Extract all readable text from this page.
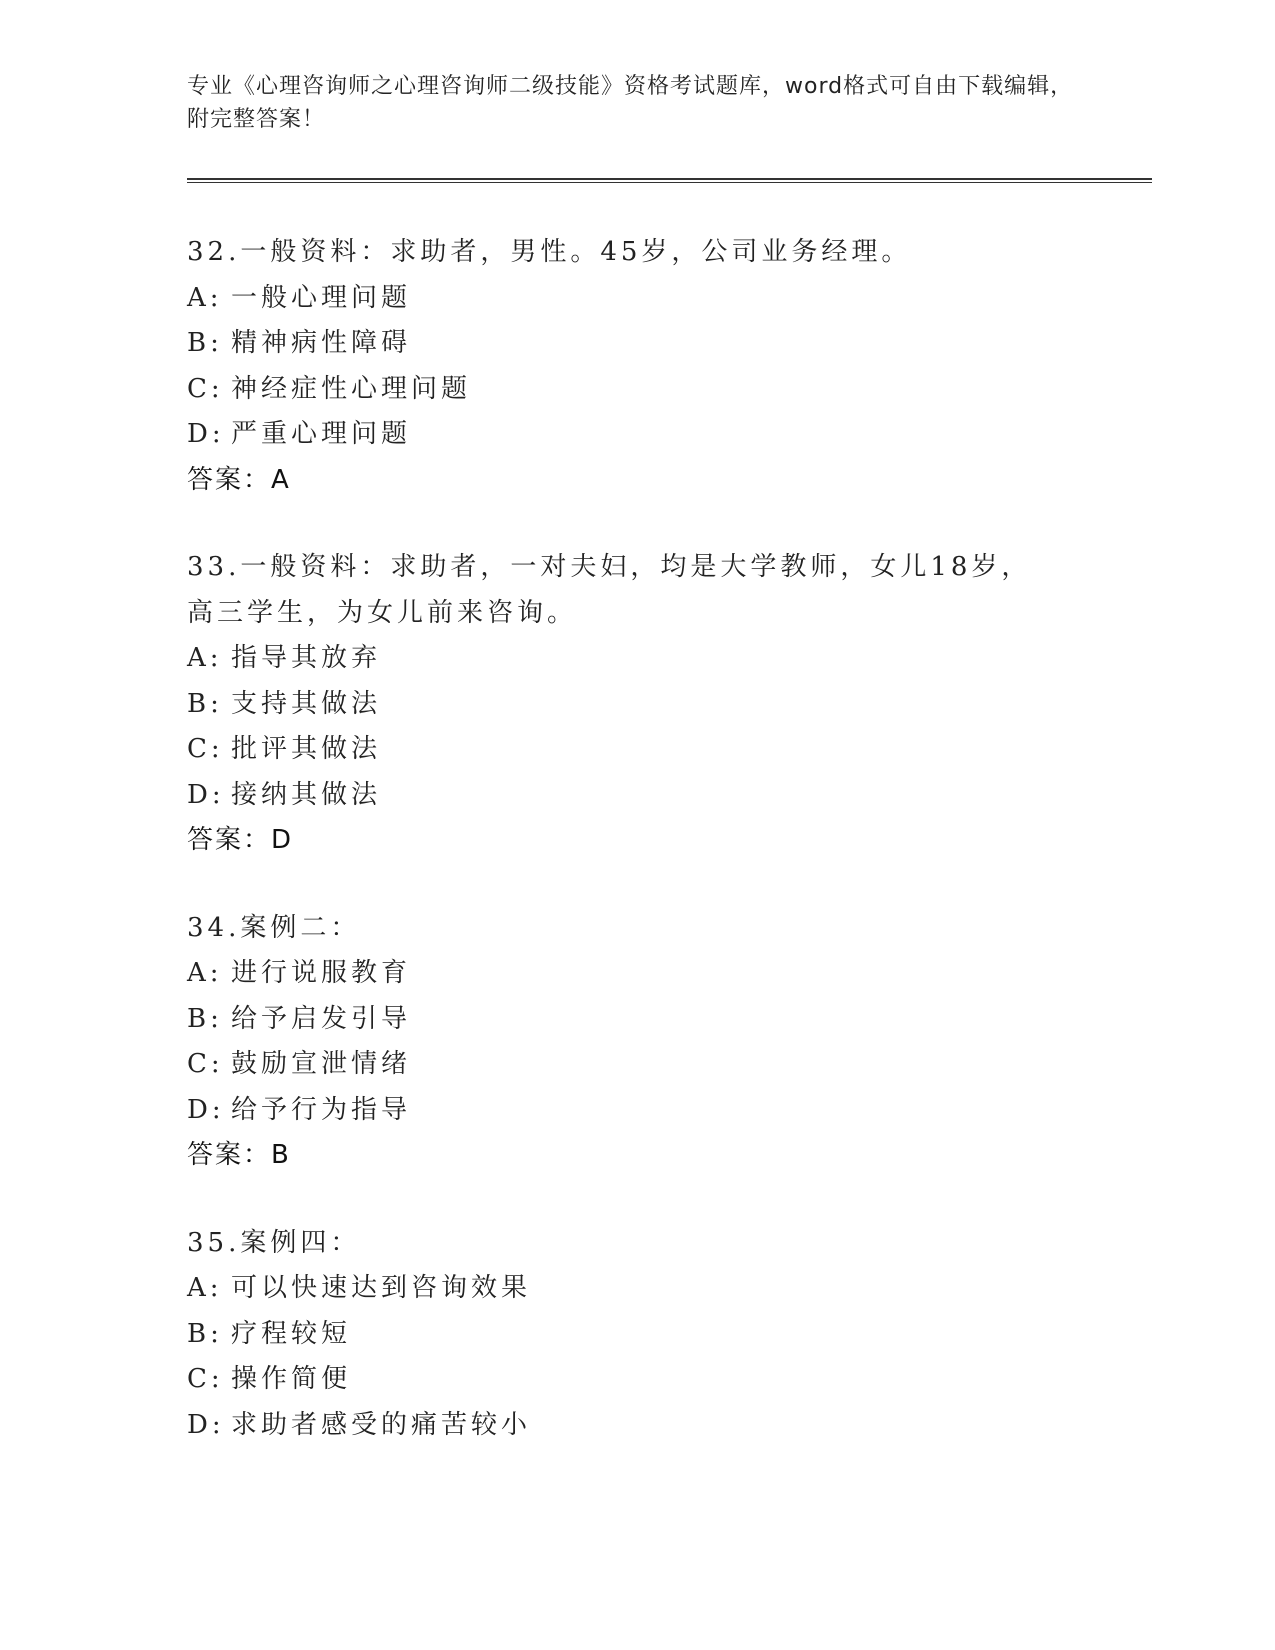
专业《心理咨询师之心理咨询师二级技能》资格考试题库，word格式可自由下载编辑，附完整答案！
32.一般资料：求助者，男性。45岁，公司业务经理。
A: 一般心理问题
B: 精神病性障碍
C: 神经症性心理问题
D: 严重心理问题
答案：A
33.一般资料：求助者，一对夫妇，均是大学教师，女儿18岁，高三学生，为女儿前来咨询。
A: 指导其放弃
B: 支持其做法
C: 批评其做法
D: 接纳其做法
答案：D
34.案例二：
A: 进行说服教育
B: 给予启发引导
C: 鼓励宣泄情绪
D: 给予行为指导
答案：B
35.案例四：
A: 可以快速达到咨询效果
B: 疗程较短
C: 操作简便
D: 求助者感受的痛苦较小
